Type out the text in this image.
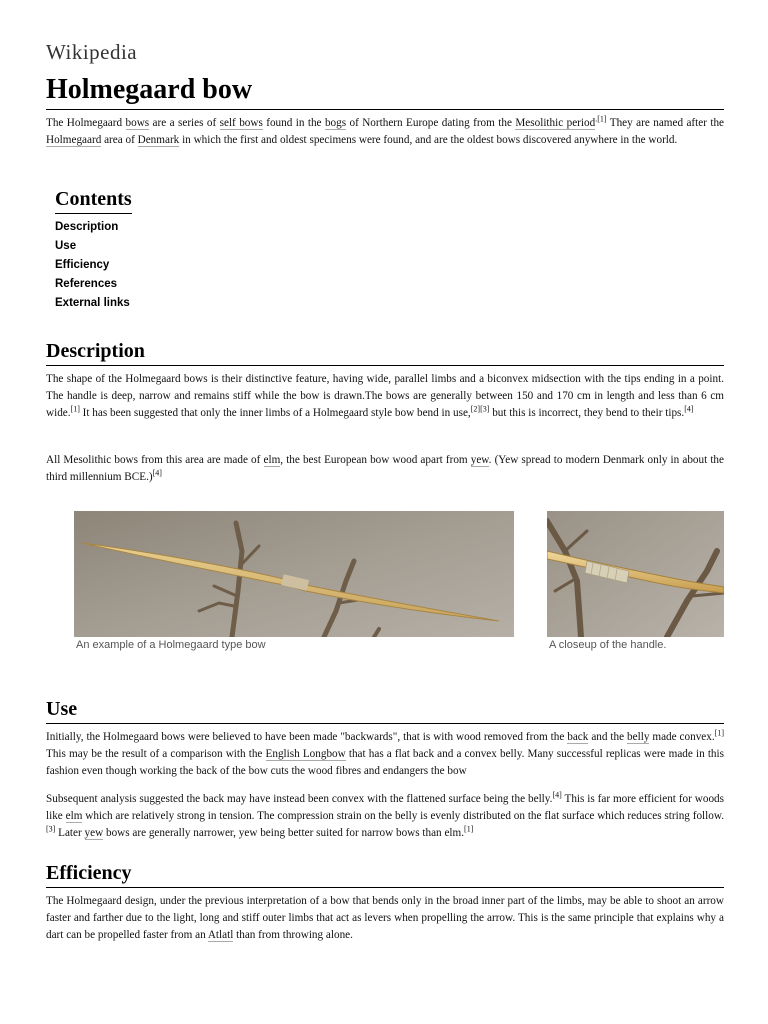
Wikipedia
Holmegaard bow

The Holmegaard bows are a series of self bows found in the bogs of Northern Europe dating from the Mesolithic period$^{.[1]}$ They are named after the Holmegaard area of Denmark in which the first and oldest specimens were found, and are the oldest bows discovered anywhere in the world.

Contents
Description
Use
Efficiency
References
External links
Description

The shape of the Holmegaard bows is their distinctive feature, having wide, parallel limbs and a biconvex midsection with the tips ending in a point. The handle is deep, narrow and remains stiff while the bow is drawn.The bows are generally between 150 and 170 cm in length and less than 6 cm wide.[1] It has been suggested that only the inner limbs of a Holmegaard style bow bend in use,[2][3] but this is incorrect, they bend to their tips.[4]

All Mesolithic bows from this area are made of elm, the best European bow wood apart from yew. (Yew spread to modern Denmark only in about the third millennium BCE.)[4]

An example of a Holmegaard type bow	A closeup of the handle.
Use

Initially, the Holmegaard bows were believed to have been made "backwards", that is with wood removed from the back and the belly made convex.[1] This may be the result of a comparison with the English Longbow that has a flat back and a convex belly. Many successful replicas were made in this fashion even though working the back of the bow cuts the wood fibres and endangers the bow

Subsequent analysis suggested the back may have instead been convex with the flattened surface being the belly.[4] This is far more efficient for woods like elm which are relatively strong in tension. The compression strain on the belly is evenly distributed on the flat surface which reduces string follow.[3] Later yew bows are generally narrower, yew being better suited for narrow bows than elm.[1]

Efficiency

The Holmegaard design, under the previous interpretation of a bow that bends only in the broad inner part of the limbs, may be able to shoot an arrow faster and farther due to the light, long and stiff outer limbs that act as levers when propelling the arrow. This is the same principle that explains why a dart can be propelled faster from an Atlatl than from throwing alone.
